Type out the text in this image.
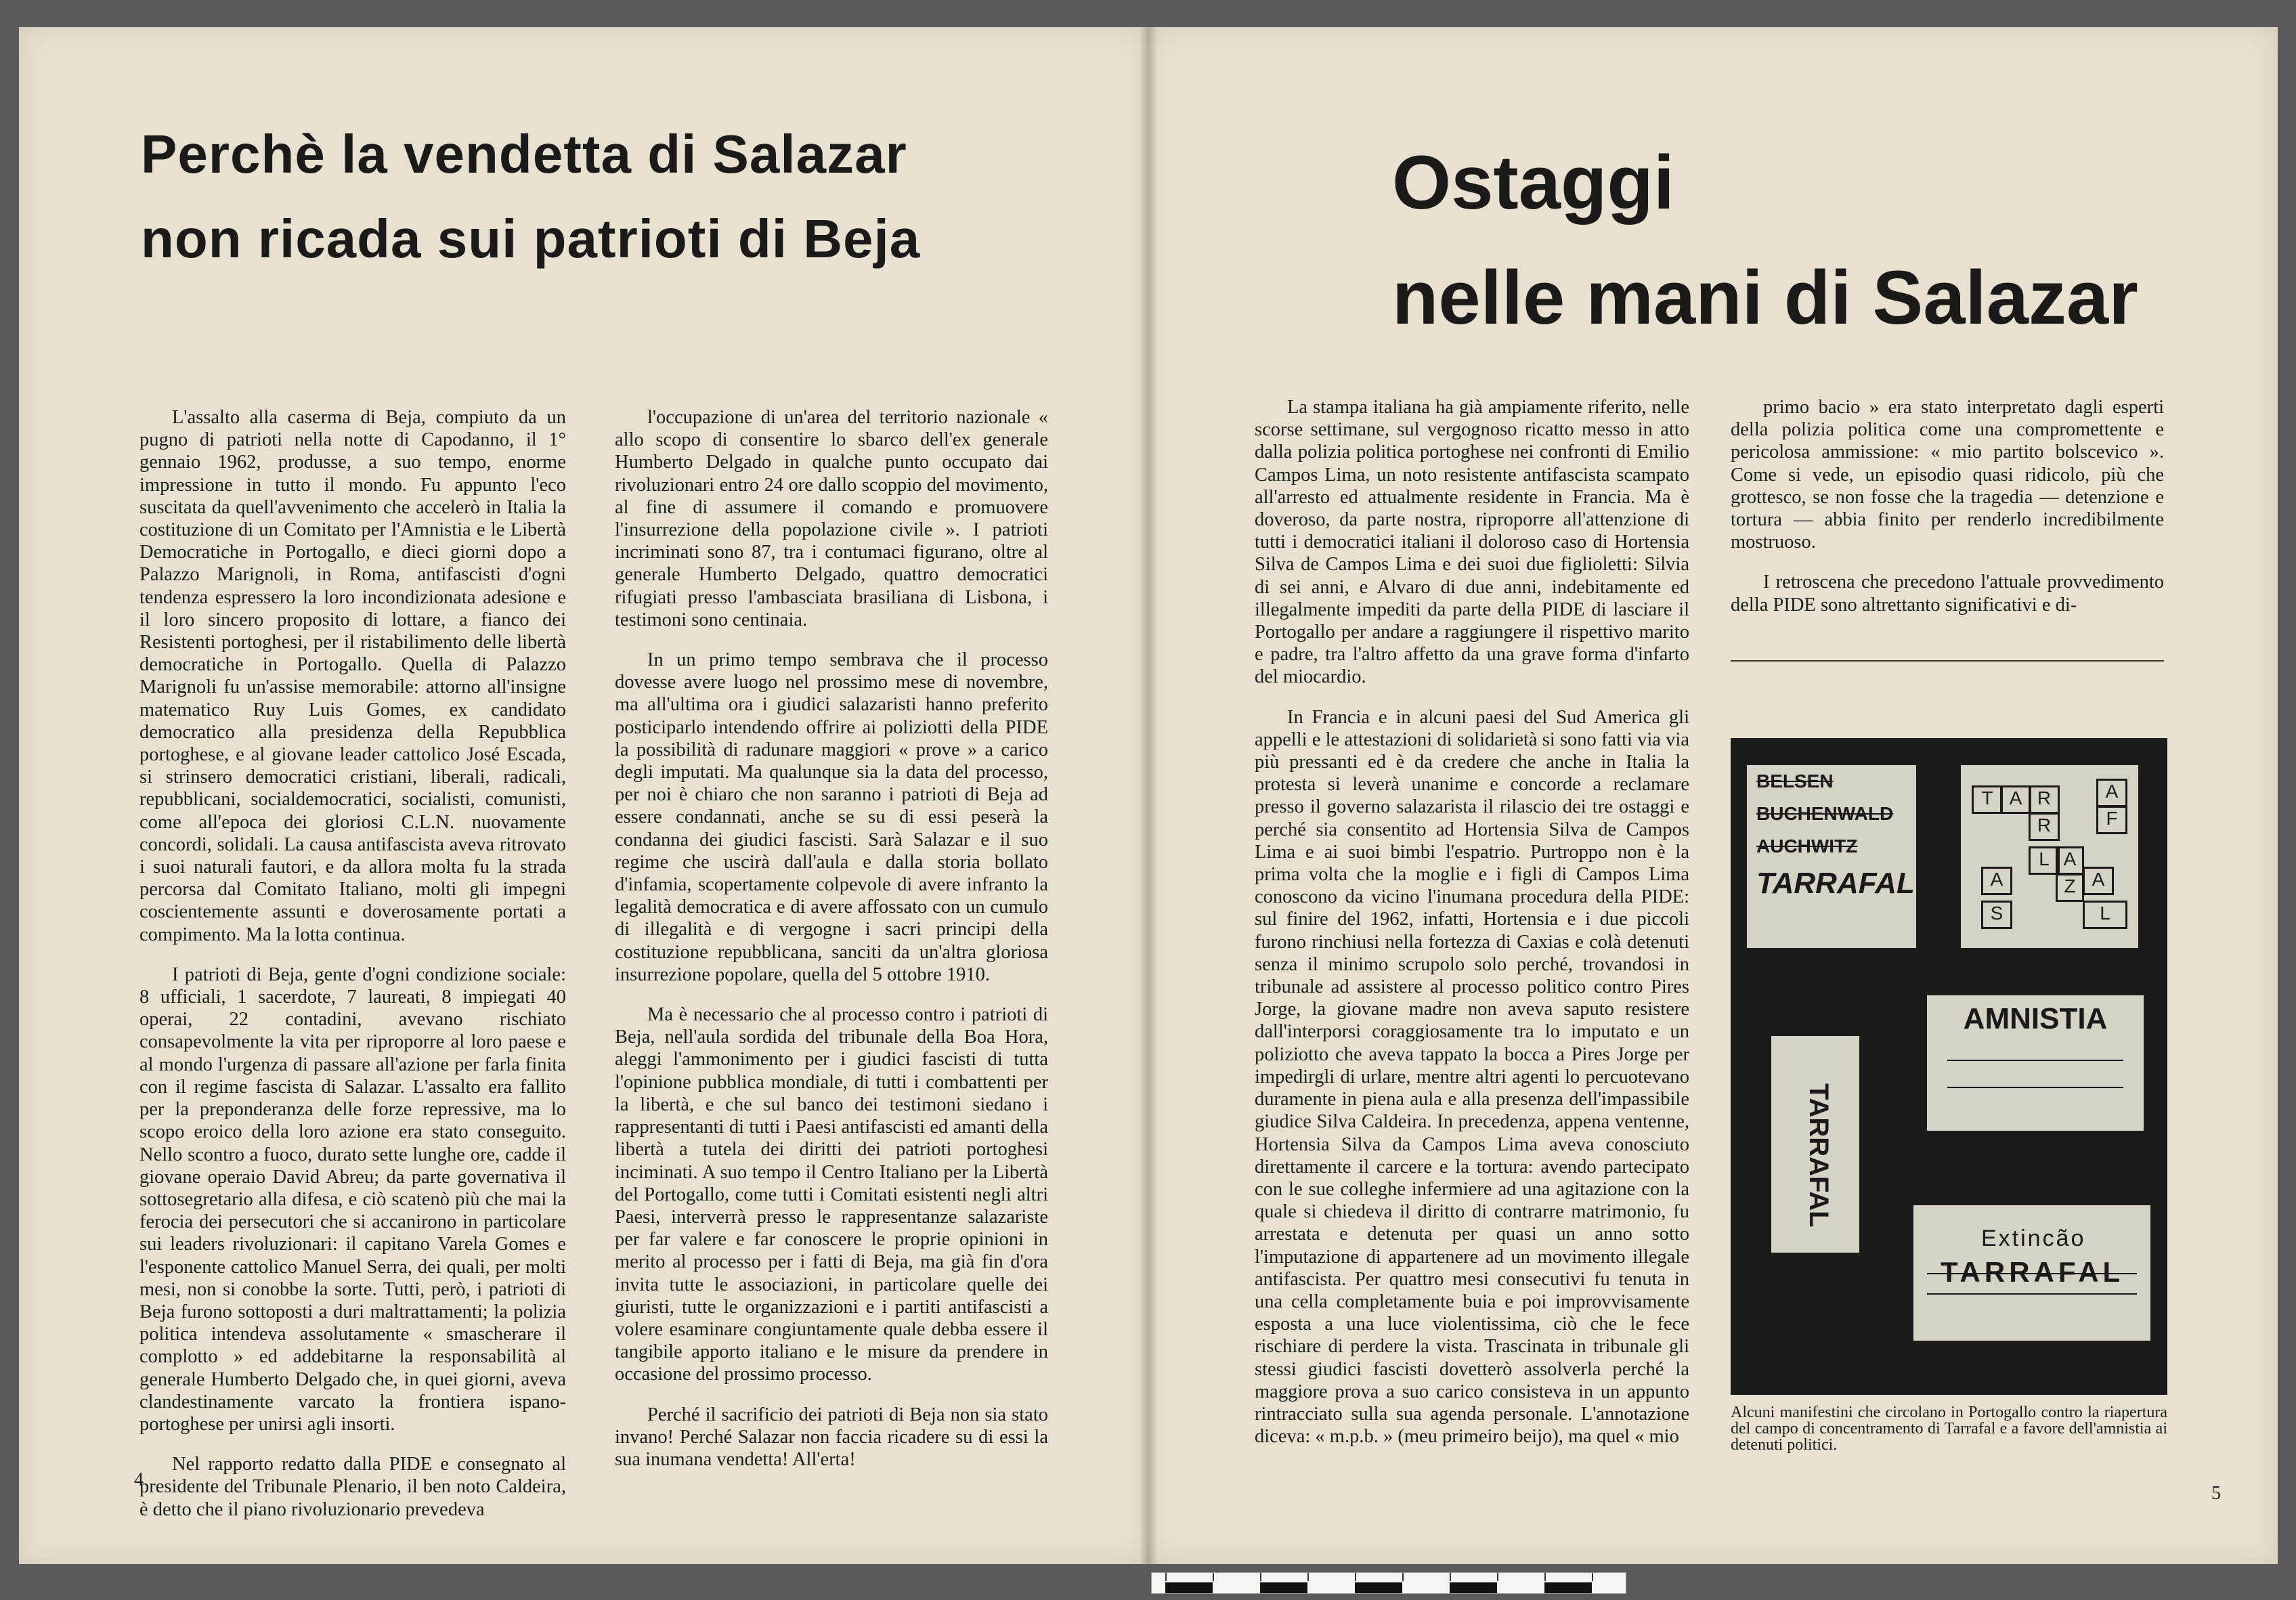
Perchè la vendetta di Salazar
non ricada sui patrioti di Beja

L'assalto alla caserma di Beja, compiuto da un pugno di patrioti nella notte di Capodanno, il 1° gennaio 1962, produsse, a suo tempo, enorme impressione in tutto il mondo. Fu appunto l'eco suscitata da quell'avvenimento che accelerò in Italia la costituzione di un Comitato per l'Amnistia e le Libertà Democratiche in Portogallo, e dieci giorni dopo a Palazzo Marignoli, in Roma, antifascisti d'ogni tendenza espressero la loro incondizionata adesione e il loro sincero proposito di lottare, a fianco dei Resistenti portoghesi, per il ristabilimento delle libertà democratiche in Portogallo. Quella di Palazzo Marignoli fu un'assise memorabile: attorno all'insigne matematico Ruy Luis Gomes, ex candidato democratico alla presidenza della Repubblica portoghese, e al giovane leader cattolico José Escada, si strinsero democratici cristiani, liberali, radicali, repubblicani, socialdemocratici, socialisti, comunisti, come all'epoca dei gloriosi C.L.N. nuovamente concordi, solidali. La causa antifascista aveva ritrovato i suoi naturali fautori, e da allora molta fu la strada percorsa dal Comitato Italiano, molti gli impegni coscientemente assunti e doverosamente portati a compimento. Ma la lotta continua.

I patrioti di Beja, gente d'ogni condizione sociale: 8 ufficiali, 1 sacerdote, 7 laureati, 8 impiegati 40 operai, 22 contadini, avevano rischiato consapevolmente la vita per riproporre al loro paese e al mondo l'urgenza di passare all'azione per farla finita con il regime fascista di Salazar. L'assalto era fallito per la preponderanza delle forze repressive, ma lo scopo eroico della loro azione era stato conseguito. Nello scontro a fuoco, durato sette lunghe ore, cadde il giovane operaio David Abreu; da parte governativa il sottosegretario alla difesa, e ciò scatenò più che mai la ferocia dei persecutori che si accanirono in particolare sui leaders rivoluzionari: il capitano Varela Gomes e l'esponente cattolico Manuel Serra, dei quali, per molti mesi, non si conobbe la sorte. Tutti, però, i patrioti di Beja furono sottoposti a duri maltrattamenti; la polizia politica intendeva assolutamente « smascherare il complotto » ed addebitarne la responsabilità al generale Humberto Delgado che, in quei giorni, aveva clandestinamente varcato la frontiera ispano-portoghese per unirsi agli insorti.

Nel rapporto redatto dalla PIDE e consegnato al presidente del Tribunale Plenario, il ben noto Caldeira, è detto che il piano rivoluzionario prevedeva

l'occupazione di un'area del territorio nazionale « allo scopo di consentire lo sbarco dell'ex generale Humberto Delgado in qualche punto occupato dai rivoluzionari entro 24 ore dallo scoppio del movimento, al fine di assumere il comando e promuovere l'insurrezione della popolazione civile ». I patrioti incriminati sono 87, tra i contumaci figurano, oltre al generale Humberto Delgado, quattro democratici rifugiati presso l'ambasciata brasiliana di Lisbona, i testimoni sono centinaia.

In un primo tempo sembrava che il processo dovesse avere luogo nel prossimo mese di novembre, ma all'ultima ora i giudici salazaristi hanno preferito posticiparlo intendendo offrire ai poliziotti della PIDE la possibilità di radunare maggiori « prove » a carico degli imputati. Ma qualunque sia la data del processo, per noi è chiaro che non saranno i patrioti di Beja ad essere condannati, anche se su di essi peserà la condanna dei giudici fascisti. Sarà Salazar e il suo regime che uscirà dall'aula e dalla storia bollato d'infamia, scopertamente colpevole di avere infranto la legalità democratica e di avere affossato con un cumulo di illegalità e di vergogne i sacri principi della costituzione repubblicana, sanciti da un'altra gloriosa insurrezione popolare, quella del 5 ottobre 1910.

Ma è necessario che al processo contro i patrioti di Beja, nell'aula sordida del tribunale della Boa Hora, aleggi l'ammonimento per i giudici fascisti di tutta l'opinione pubblica mondiale, di tutti i combattenti per la libertà, e che sul banco dei testimoni siedano i rappresentanti di tutti i Paesi antifascisti ed amanti della libertà a tutela dei diritti dei patrioti portoghesi inciminati. A suo tempo il Centro Italiano per la Libertà del Portogallo, come tutti i Comitati esistenti negli altri Paesi, interverrà presso le rappresentanze salazariste per far valere e far conoscere le proprie opinioni in merito al processo per i fatti di Beja, ma già fin d'ora invita tutte le associazioni, in particolare quelle dei giuristi, tutte le organizzazioni e i partiti antifascisti a volere esaminare congiuntamente quale debba essere il tangibile apporto italiano e le misure da prendere in occasione del prossimo processo.

Perché il sacrificio dei patrioti di Beja non sia stato invano! Perché Salazar non faccia ricadere su di essi la sua inumana vendetta! All'erta!

4
Ostaggi
nelle mani di Salazar

La stampa italiana ha già ampiamente riferito, nelle scorse settimane, sul vergognoso ricatto messo in atto dalla polizia politica portoghese nei confronti di Emilio Campos Lima, un noto resistente antifascista scampato all'arresto ed attualmente residente in Francia. Ma è doveroso, da parte nostra, riproporre all'attenzione di tutti i democratici italiani il doloroso caso di Hortensia Silva de Campos Lima e dei suoi due figlioletti: Silvia di sei anni, e Alvaro di due anni, indebitamente ed illegalmente impediti da parte della PIDE di lasciare il Portogallo per andare a raggiungere il rispettivo marito e padre, tra l'altro affetto da una grave forma d'infarto del miocardio.

In Francia e in alcuni paesi del Sud America gli appelli e le attestazioni di solidarietà si sono fatti via via più pressanti ed è da credere che anche in Italia la protesta si leverà unanime e concorde a reclamare presso il governo salazarista il rilascio dei tre ostaggi e perché sia consentito ad Hortensia Silva de Campos Lima e ai suoi bimbi l'espatrio. Purtroppo non è la prima volta che la moglie e i figli di Campos Lima conoscono da vicino l'inumana procedura della PIDE: sul finire del 1962, infatti, Hortensia e i due piccoli furono rinchiusi nella fortezza di Caxias e colà detenuti senza il minimo scrupolo solo perché, trovandosi in tribunale ad assistere al processo politico contro Pires Jorge, la giovane madre non aveva saputo resistere dall'interporsi coraggiosamente tra lo imputato e un poliziotto che aveva tappato la bocca a Pires Jorge per impedirgli di urlare, mentre altri agenti lo percuotevano duramente in piena aula e alla presenza dell'impassibile giudice Silva Caldeira. In precedenza, appena ventenne, Hortensia Silva da Campos Lima aveva conosciuto direttamente il carcere e la tortura: avendo partecipato con le sue colleghe infermiere ad una agitazione con la quale si chiedeva il diritto di contrarre matrimonio, fu arrestata e detenuta per quasi un anno sotto l'imputazione di appartenere ad un movimento illegale antifascista. Per quattro mesi consecutivi fu tenuta in una cella completamente buia e poi improvvisamente esposta a una luce violentissima, ciò che le fece rischiare di perdere la vista. Trascinata in tribunale gli stessi giudici fascisti dovetterò assolverla perché la maggiore prova a suo carico consisteva in un appunto rintracciato sulla sua agenda personale. L'annotazione diceva: « m.p.b. » (meu primeiro beijo), ma quel « mio

primo bacio » era stato interpretato dagli esperti della polizia politica come una compromettente e pericolosa ammissione: « mio partito bolscevico ». Come si vede, un episodio quasi ridicolo, più che grottesco, se non fosse che la tragedia — detenzione e tortura — abbia finito per renderlo incredibilmente mostruoso.

I retroscena che precedono l'attuale provvedimento della PIDE sono altrettanto significativi e di-

BELSEN
BUCHENWALD
AUCHWITZ
TARRAFAL
T A R
R
A
F
A
L
L A
Z
A
S
AMNISTIA
TARRAFAL
Extincão
TARRAFAL
Alcuni manifestini che circolano in Portogallo contro la riapertura del campo di concentramento di Tarrafal e a favore dell'amnistia ai detenuti politici.
5
